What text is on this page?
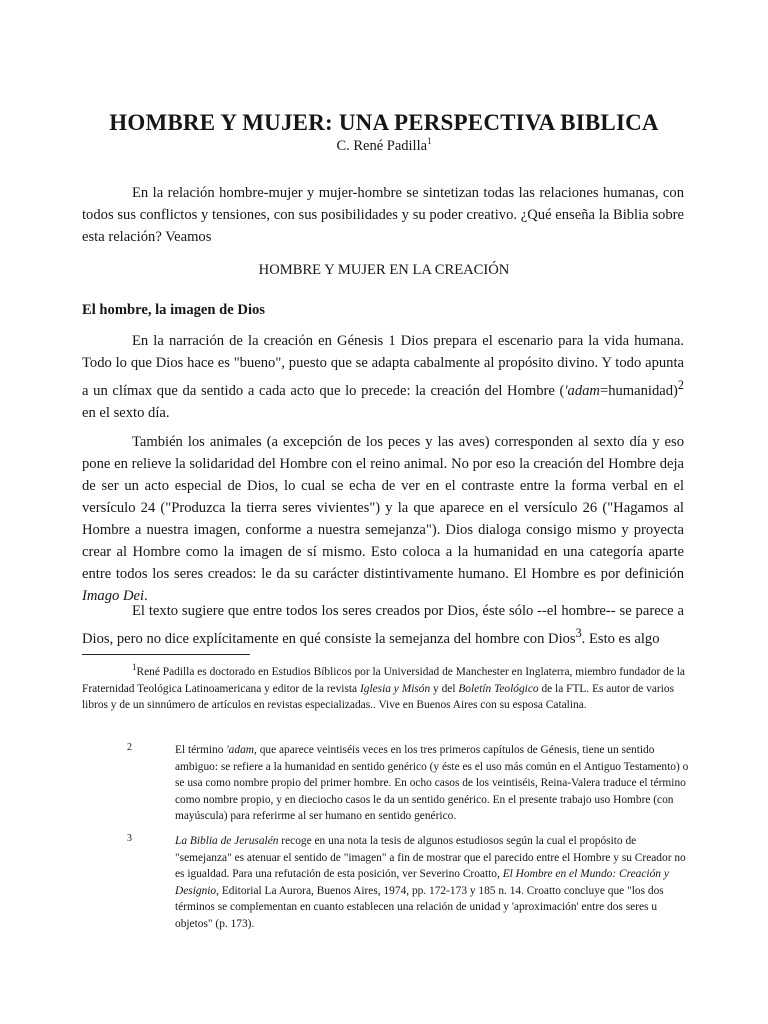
HOMBRE Y MUJER: UNA PERSPECTIVA BIBLICA
C. René Padilla$^1$

En la relación hombre-mujer y mujer-hombre se sintetizan todas las relaciones humanas, con todos sus conflictos y tensiones, con sus posibilidades y su poder creativo. ¿Qué enseña la Biblia sobre esta relación? Veamos

HOMBRE Y MUJER EN LA CREACIÓN
El hombre, la imagen de Dios

En la narración de la creación en Génesis 1 Dios prepara el escenario para la vida humana. Todo lo que Dios hace es "bueno", puesto que se adapta cabalmente al propósito divino. Y todo apunta a un clímax que da sentido a cada acto que lo precede: la creación del Hombre ('adam=humanidad)$^2$ en el sexto día.

También los animales (a excepción de los peces y las aves) corresponden al sexto día y eso pone en relieve la solidaridad del Hombre con el reino animal. No por eso la creación del Hombre deja de ser un acto especial de Dios, lo cual se echa de ver en el contraste entre la forma verbal en el versículo 24 ("Produzca la tierra seres vivientes") y la que aparece en el versículo 26 ("Hagamos al Hombre a nuestra imagen, conforme a nuestra semejanza"). Dios dialoga consigo mismo y proyecta crear al Hombre como la imagen de sí mismo. Esto coloca a la humanidad en una categoría aparte entre todos los seres creados: le da su carácter distintivamente humano. El Hombre es por definición Imago Dei.

El texto sugiere que entre todos los seres creados por Dios, éste sólo --el hombre-- se parece a Dios, pero no dice explícitamente en qué consiste la semejanza del hombre con Dios$^3$. Esto es algo

$^1$René Padilla es doctorado en Estudios Bíblicos por la Universidad de Manchester en Inglaterra, miembro fundador de la Fraternidad Teológica Latinoamericana y editor de la revista Iglesia y Misón y del Boletín Teológico de la FTL. Es autor de varios libros y de un sinnúmero de artículos en revistas especializadas.. Vive en Buenos Aires con su esposa Catalina.

2	El término 'adam, que aparece veintiséis veces en los tres primeros capítulos de Génesis, tiene un sentido ambiguo: se refiere a la humanidad en sentido genérico (y éste es el uso más común en el Antiguo Testamento) o se usa como nombre propio del primer hombre. En ocho casos de los veintiséis, Reina-Valera traduce el término como nombre propio, y en dieciocho casos le da un sentido genérico. En el presente trabajo uso Hombre (con mayúscula) para referirme al ser humano en sentido genérico.

3	La Biblia de Jerusalén recoge en una nota la tesis de algunos estudiosos según la cual el propósito de "semejanza" es atenuar el sentido de "imagen" a fin de mostrar que el parecido entre el Hombre y su Creador no es igualdad. Para una refutación de esta posición, ver Severino Croatto, El Hombre en el Mundo: Creación y Designio, Editorial La Aurora, Buenos Aires, 1974, pp. 172-173 y 185 n. 14. Croatto concluye que "los dos términos se complementan en cuanto establecen una relación de unidad y 'aproximación' entre dos seres u objetos" (p. 173).
